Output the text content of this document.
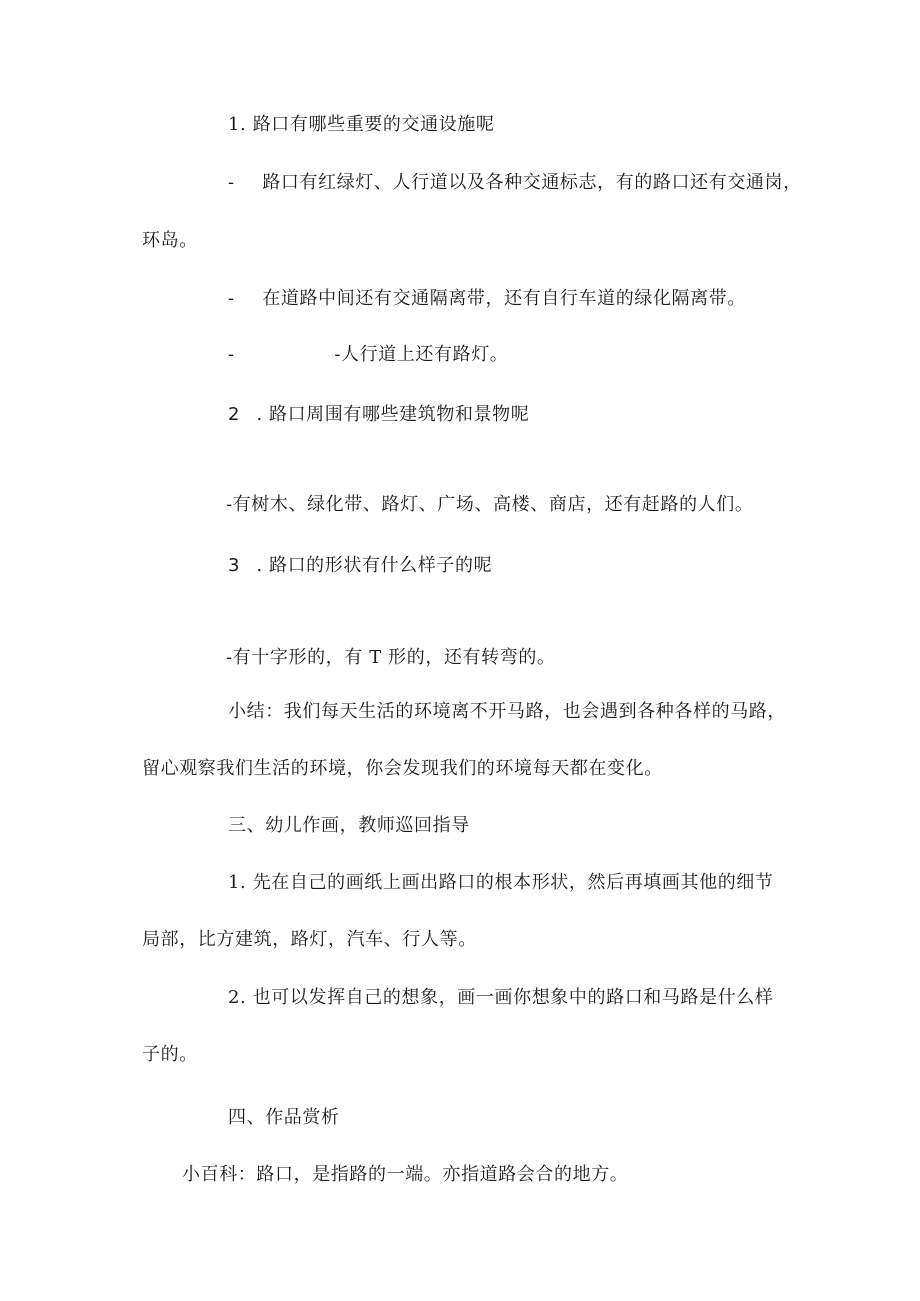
1. 路口有哪些重要的交通设施呢
- 路口有红绿灯、人行道以及各种交通标志，有的路口还有交通岗，
环岛。
- 在道路中间还有交通隔离带，还有自行车道的绿化隔离带。
-	-人行道上还有路灯。
2 . 路口周围有哪些建筑物和景物呢
-有树木、绿化带、路灯、广场、高楼、商店，还有赶路的人们。
3 . 路口的形状有什么样子的呢
-有十字形的，有 T 形的，还有转弯的。
小结：我们每天生活的环境离不开马路，也会遇到各种各样的马路，
留心观察我们生活的环境，你会发现我们的环境每天都在变化。
三、幼儿作画，教师巡回指导
1. 先在自己的画纸上画出路口的根本形状，然后再填画其他的细节
局部，比方建筑，路灯，汽车、行人等。
2. 也可以发挥自己的想象，画一画你想象中的路口和马路是什么样
子的。
四、作品赏析
小百科：路口，是指路的一端。亦指道路会合的地方。
